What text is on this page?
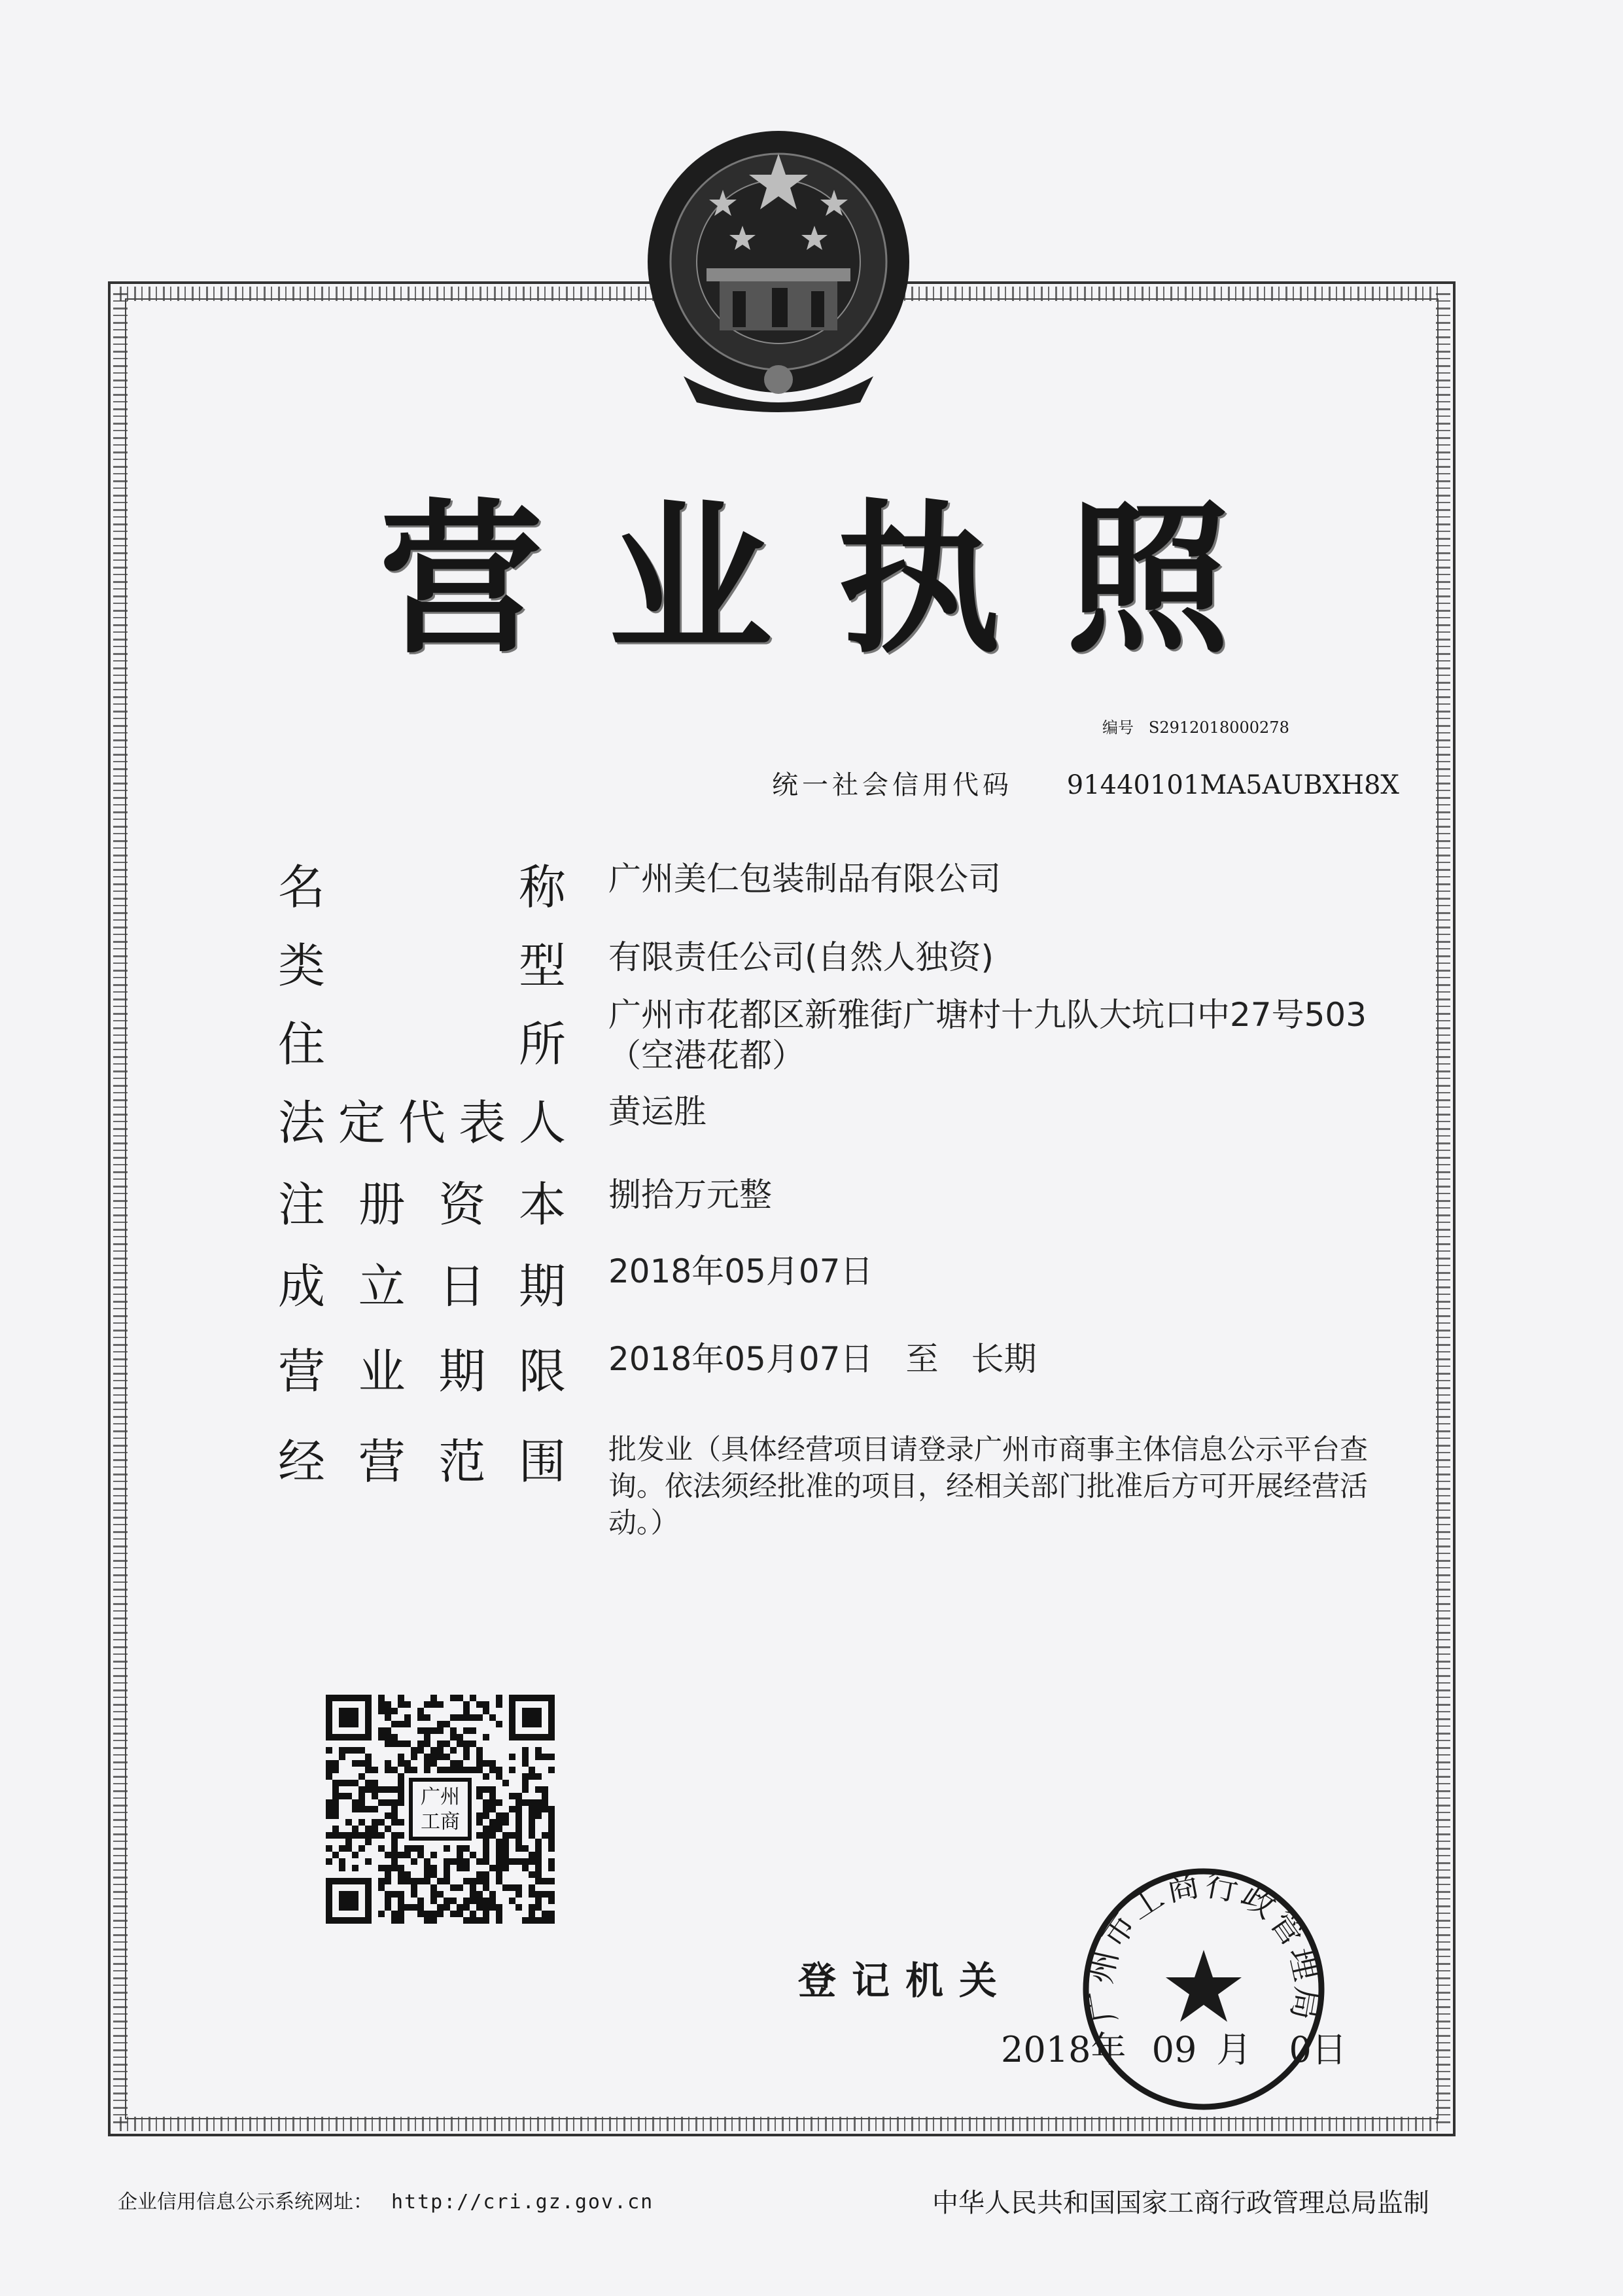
营 业 执 照
编号 S2912018000278
统一社会信用代码 91440101MA5AUBXH8X
名　　称 广州美仁包装制品有限公司
类　　型 有限责任公司(自然人独资)
住　　所
广州市花都区新雅街广塘村十九队大坑口中27号503（空港花都）
法定代表人 黄运胜
注册资本 捌拾万元整
成立日期 2018年05月07日
营业期限 2018年05月07日　至　长期
经营范围 批发业（具体经营项目请登录广州市商事主体信息公示平台查询。依法须经批准的项目，经相关部门批准后方可开展经营活动。）
广州
工商
登记机关
广州市工商行政管理局
2018年 09 月 0日
企业信用信息公示系统网址： http://cri.gz.gov.cn	中华人民共和国国家工商行政管理总局监制
